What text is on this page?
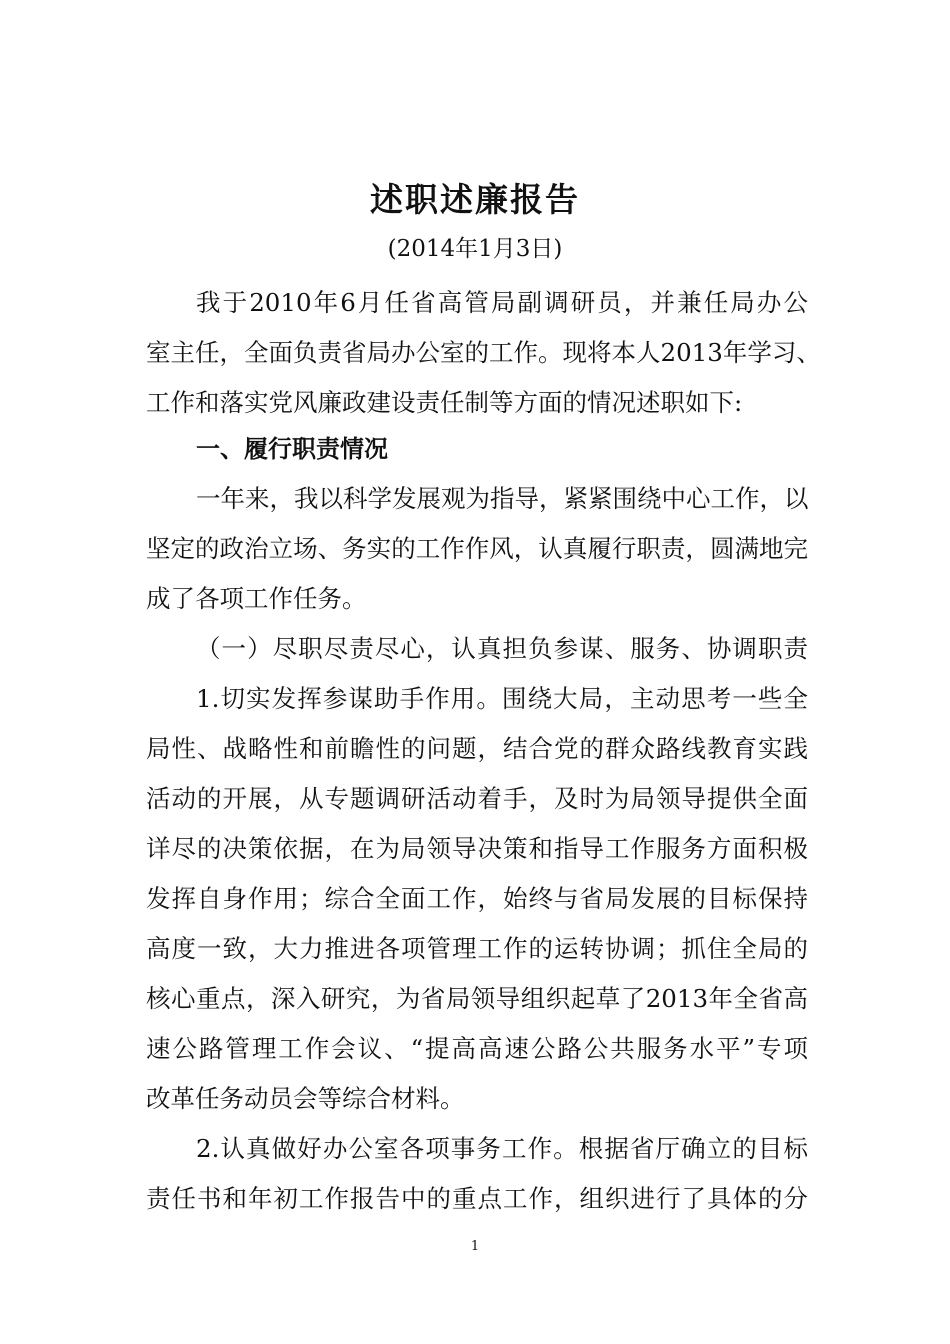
述职述廉报告
(2014年1月3日)
我于2010年6月任省高管局副调研员，并兼任局办公
室主任，全面负责省局办公室的工作。现将本人2013年学习、
工作和落实党风廉政建设责任制等方面的情况述职如下:
一、履行职责情况
一年来，我以科学发展观为指导，紧紧围绕中心工作，以
坚定的政治立场、务实的工作作风，认真履行职责，圆满地完
成了各项工作任务。
（一）尽职尽责尽心，认真担负参谋、服务、协调职责
1.切实发挥参谋助手作用。围绕大局，主动思考一些全
局性、战略性和前瞻性的问题，结合党的群众路线教育实践
活动的开展，从专题调研活动着手，及时为局领导提供全面
详尽的决策依据，在为局领导决策和指导工作服务方面积极
发挥自身作用；综合全面工作，始终与省局发展的目标保持
高度一致，大力推进各项管理工作的运转协调；抓住全局的
核心重点，深入研究，为省局领导组织起草了2013年全省高
速公路管理工作会议、“提高高速公路公共服务水平”专项
改革任务动员会等综合材料。
2.认真做好办公室各项事务工作。根据省厅确立的目标
责任书和年初工作报告中的重点工作，组织进行了具体的分
1
